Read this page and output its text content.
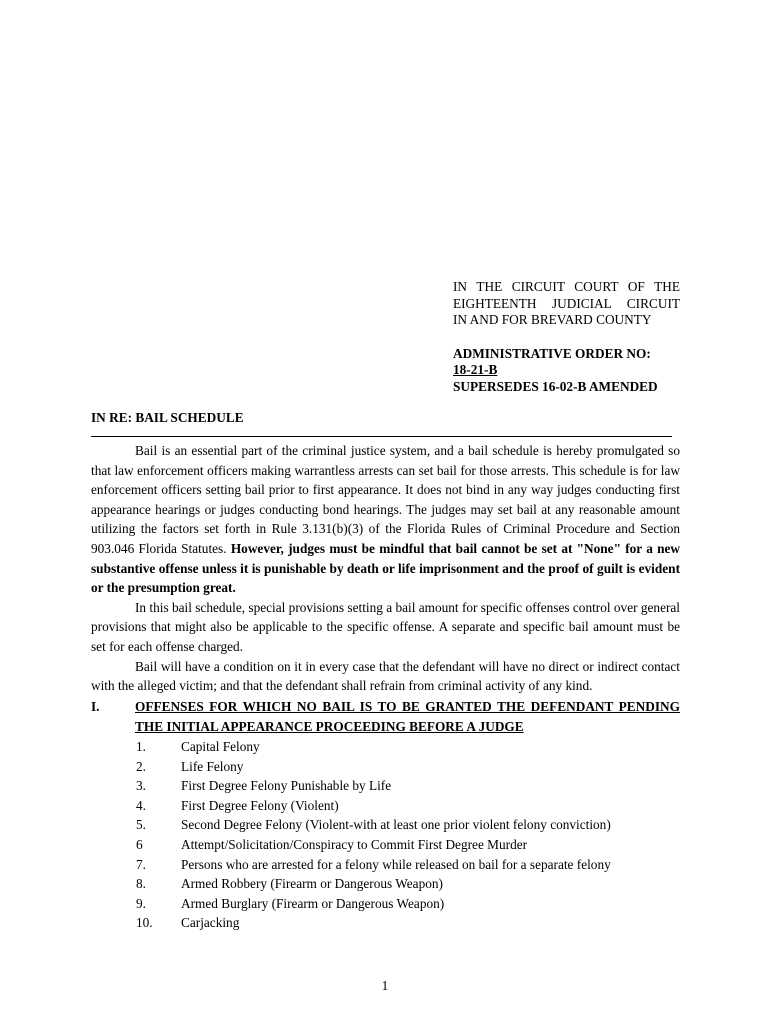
IN THE CIRCUIT COURT OF THE
EIGHTEENTH JUDICIAL CIRCUIT
IN AND FOR BREVARD COUNTY
ADMINISTRATIVE ORDER NO:
18-21-B
SUPERSEDES 16-02-B AMENDED
IN RE: BAIL SCHEDULE

Bail is an essential part of the criminal justice system, and a bail schedule is hereby promulgated so that law enforcement officers making warrantless arrests can set bail for those arrests. This schedule is for law enforcement officers setting bail prior to first appearance. It does not bind in any way judges conducting first appearance hearings or judges conducting bond hearings. The judges may set bail at any reasonable amount utilizing the factors set forth in Rule 3.131(b)(3) of the Florida Rules of Criminal Procedure and Section 903.046 Florida Statutes. However, judges must be mindful that bail cannot be set at "None" for a new substantive offense unless it is punishable by death or life imprisonment and the proof of guilt is evident or the presumption great.

In this bail schedule, special provisions setting a bail amount for specific offenses control over general provisions that might also be applicable to the specific offense. A separate and specific bail amount must be set for each offense charged.

Bail will have a condition on it in every case that the defendant will have no direct or indirect contact with the alleged victim; and that the defendant shall refrain from criminal activity of any kind.

I.	OFFENSES FOR WHICH NO BAIL IS TO BE GRANTED THE DEFENDANT PENDING THE INITIAL APPEARANCE PROCEEDING BEFORE A JUDGE
1.	Capital Felony
2.	Life Felony
3.	First Degree Felony Punishable by Life
4.	First Degree Felony (Violent)
5.	Second Degree Felony (Violent-with at least one prior violent felony conviction)
6	Attempt/Solicitation/Conspiracy to Commit First Degree Murder
7.	Persons who are arrested for a felony while released on bail for a separate felony
8.	Armed Robbery (Firearm or Dangerous Weapon)
9.	Armed Burglary (Firearm or Dangerous Weapon)
10. Carjacking
1
